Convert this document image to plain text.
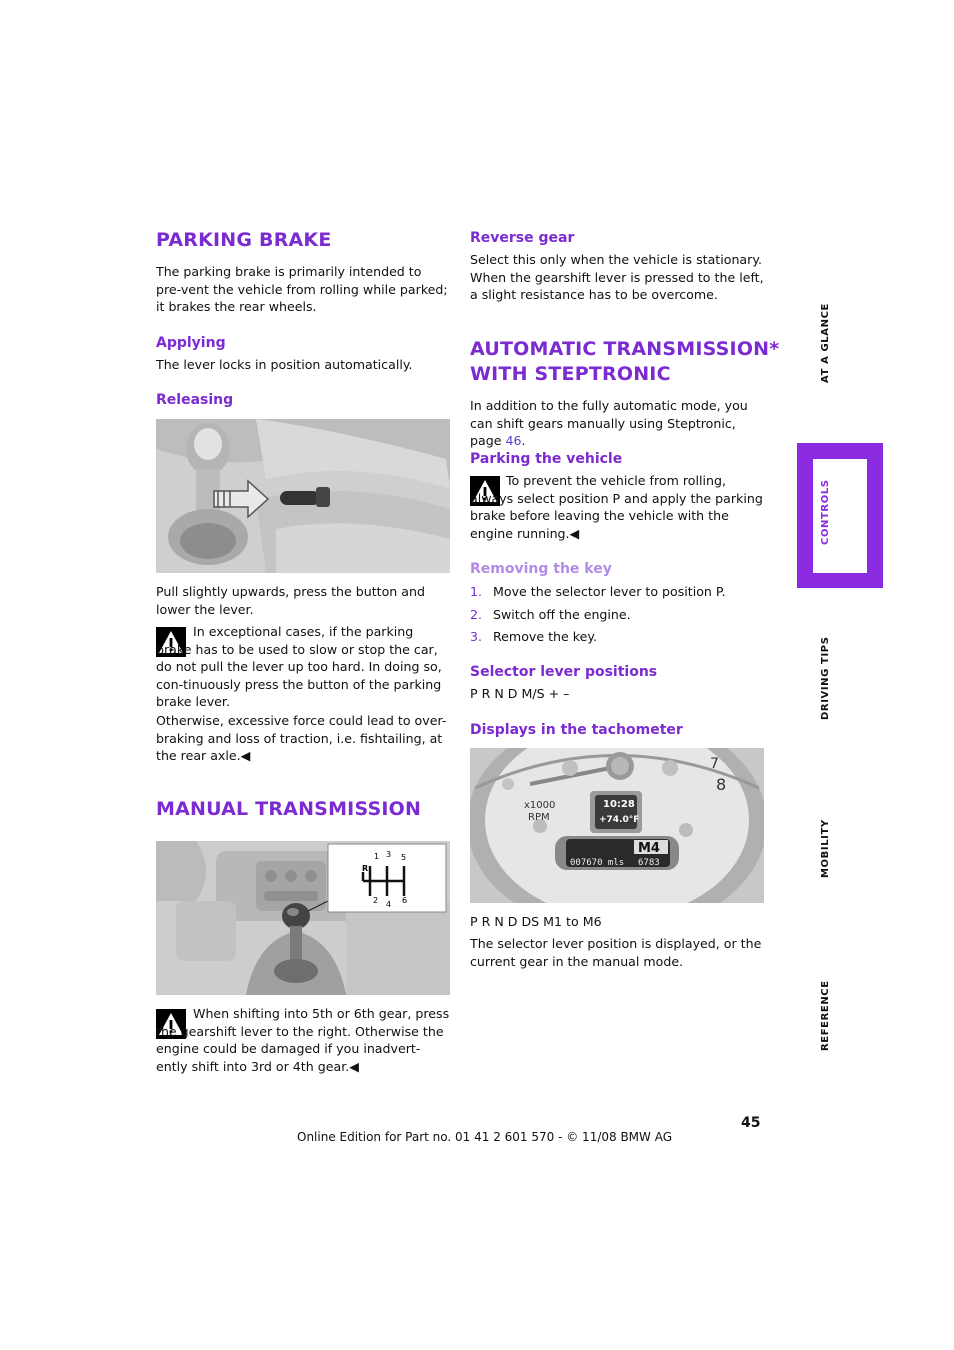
PARKING BRAKE
The parking brake is primarily intended to pre-vent the vehicle from rolling while parked; it brakes the rear wheels.
Applying
The lever locks in position automatically.
Releasing
Pull slightly upwards, press the button and lower the lever.
In exceptional cases, if the parking brake has to be used to slow or stop the car, do not pull the lever up too hard. In doing so, con-tinuously press the button of the parking brake lever.
Otherwise, excessive force could lead to over-braking and loss of traction, i.e. fishtailing, at the rear axle.◀
MANUAL TRANSMISSION
1 3 5
R
2 4 6
When shifting into 5th or 6th gear, press the gearshift lever to the right. Otherwise the engine could be damaged if you inadvert-ently shift into 3rd or 4th gear.◀
Reverse gear
Select this only when the vehicle is stationary. When the gearshift lever is pressed to the left, a slight resistance has to be overcome.
AUTOMATIC TRANSMISSION*
WITH STEPTRONIC
In addition to the fully automatic mode, you can shift gears manually using Steptronic, page 46.
Parking the vehicle
To prevent the vehicle from rolling, always select position P and apply the parking brake before leaving the vehicle with the engine running.◀
Removing the key
1. Move the selector lever to position P.
2. Switch off the engine.
3. Remove the key.
Selector lever positions
P R N D M/S + –
Displays in the tachometer
8
7
x1000
RPM
10:28
+74.0°F
M4
007670 mls 6783
P R N D DS M1 to M6
The selector lever position is displayed, or the current gear in the manual mode.
AT A GLANCE
CONTROLS
DRIVING TIPS
MOBILITY
REFERENCE
45
Online Edition for Part no. 01 41 2 601 570 - © 11/08 BMW AG
